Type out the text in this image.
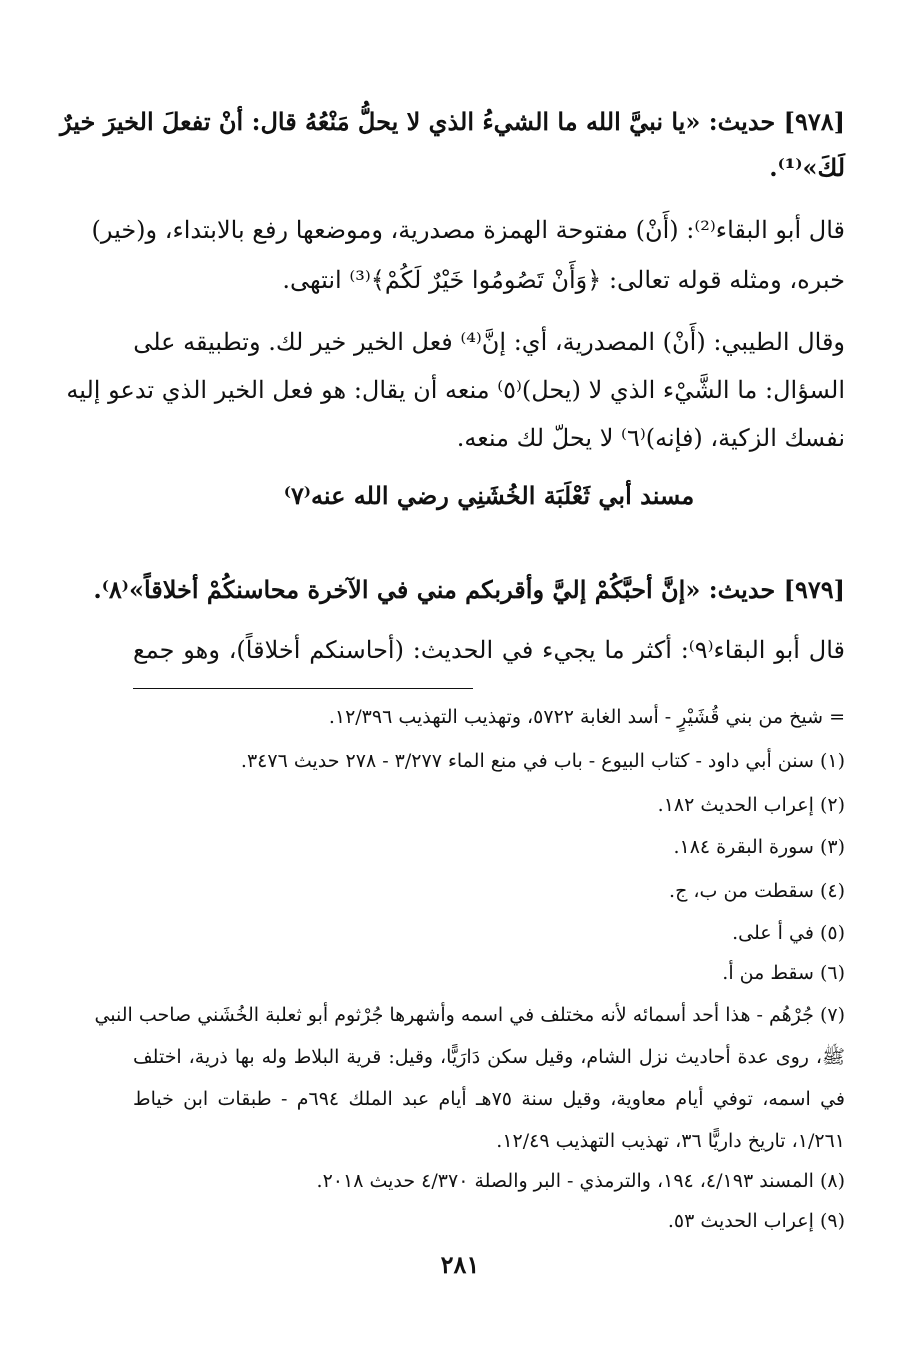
[٩٧٨] حديث: «يا نبيَّ الله ما الشيءُ الذي لا يحلُّ مَنْعُهُ قال: أنْ تفعلَ الخيرَ خيرٌ
لَكَ»⁽¹⁾.
قال أبو البقاء⁽²⁾: (أَنْ) مفتوحة الهمزة مصدرية، وموضعها رفع بالابتداء، و(خير)
خبره، ومثله قوله تعالى: ﴿وَأَنْ تَصُومُوا خَيْرٌ لَكُمْ﴾⁽³⁾ انتهى.
وقال الطيبي: (أَنْ) المصدرية، أي: إنَّ⁽⁴⁾ فعل الخير خير لك. وتطبيقه على
السؤال: ما الشَّيْء الذي لا (يحل)⁽٥⁾ منعه أن يقال: هو فعل الخير الذي تدعو إليه
نفسك الزكية، (فإنه)⁽٦⁾ لا يحلّ لك منعه.
مسند أبي ثَعْلَبَة الخُشَنِي رضي الله عنه⁽٧⁾
[٩٧٩] حديث: «إنَّ أحبَّكُمْ إليَّ وأقربكم مني في الآخرة محاسنكُمْ أخلاقاً»⁽٨⁾.
قال أبو البقاء⁽٩⁾: أكثر ما يجيء في الحديث: (أحاسنكم أخلاقاً)، وهو جمع
= شيخ من بني قُشَيْرٍ - أسد الغابة ٥٧٢٢، وتهذيب التهذيب ١٢/٣٩٦.
(١) سنن أبي داود - كتاب البيوع - باب في منع الماء ٣/٢٧٧ - ٢٧٨ حديث ٣٤٧٦.
(٢) إعراب الحديث ١٨٢.
(٣) سورة البقرة ١٨٤.
(٤) سقطت من ب، ج.
(٥) في أ على.
(٦) سقط من أ.
(٧) جُرْهُم - هذا أحد أسمائه لأنه مختلف في اسمه وأشهرها جُرْثوم أبو ثعلبة الخُشَني صاحب النبي
ﷺ، روى عدة أحاديث نزل الشام، وقيل سكن دَارَيًّا، وقيل: قرية البلاط وله بها ذرية، اختلف
في اسمه، توفي أيام معاوية، وقيل سنة ٧٥هـ أيام عبد الملك ٦٩٤م - طبقات ابن خياط
١/٢٦١، تاريخ داريًّا ٣٦، تهذيب التهذيب ١٢/٤٩.
(٨) المسند ٤/١٩٣، ١٩٤، والترمذي - البر والصلة ٤/٣٧٠ حديث ٢٠١٨.
(٩) إعراب الحديث ٥٣.
٢٨١
